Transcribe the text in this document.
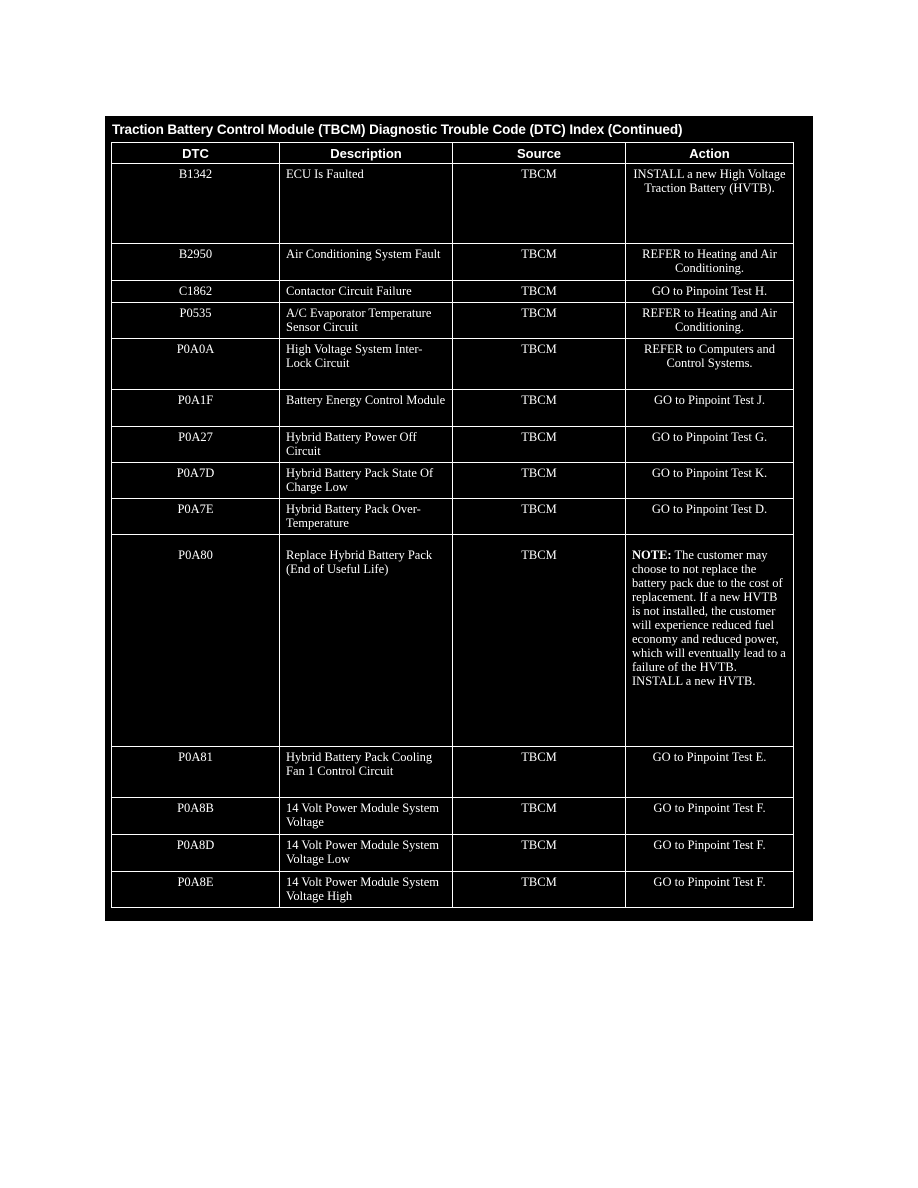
Traction Battery Control Module (TBCM) Diagnostic Trouble Code (DTC) Index (Continued)
DTC	Description	Source	Action
B1342	ECU Is Faulted	TBCM	INSTALL a new High Voltage Traction Battery (HVTB).
B2950	Air Conditioning System Fault	TBCM	REFER to Heating and Air Conditioning.
C1862	Contactor Circuit Failure	TBCM	GO to Pinpoint Test H.
P0535	A/C Evaporator Temperature Sensor Circuit	TBCM	REFER to Heating and Air Conditioning.
P0A0A	High Voltage System Inter-Lock Circuit	TBCM	REFER to Computers and Control Systems.
P0A1F	Battery Energy Control Module	TBCM	GO to Pinpoint Test J.
P0A27	Hybrid Battery Power Off Circuit	TBCM	GO to Pinpoint Test G.
P0A7D	Hybrid Battery Pack State Of Charge Low	TBCM	GO to Pinpoint Test K.
P0A7E	Hybrid Battery Pack Over-Temperature	TBCM	GO to Pinpoint Test D.
P0A80	Replace Hybrid Battery Pack (End of Useful Life)	TBCM	NOTE: The customer may choose to not replace the battery pack due to the cost of replacement. If a new HVTB is not installed, the customer will experience reduced fuel economy and reduced power, which will eventually lead to a failure of the HVTB.
INSTALL a new HVTB.

P0A81	Hybrid Battery Pack Cooling Fan 1 Control Circuit	TBCM	GO to Pinpoint Test E.
P0A8B	14 Volt Power Module System Voltage	TBCM	GO to Pinpoint Test F.
P0A8D	14 Volt Power Module System Voltage Low	TBCM	GO to Pinpoint Test F.
P0A8E	14 Volt Power Module System Voltage High	TBCM	GO to Pinpoint Test F.
